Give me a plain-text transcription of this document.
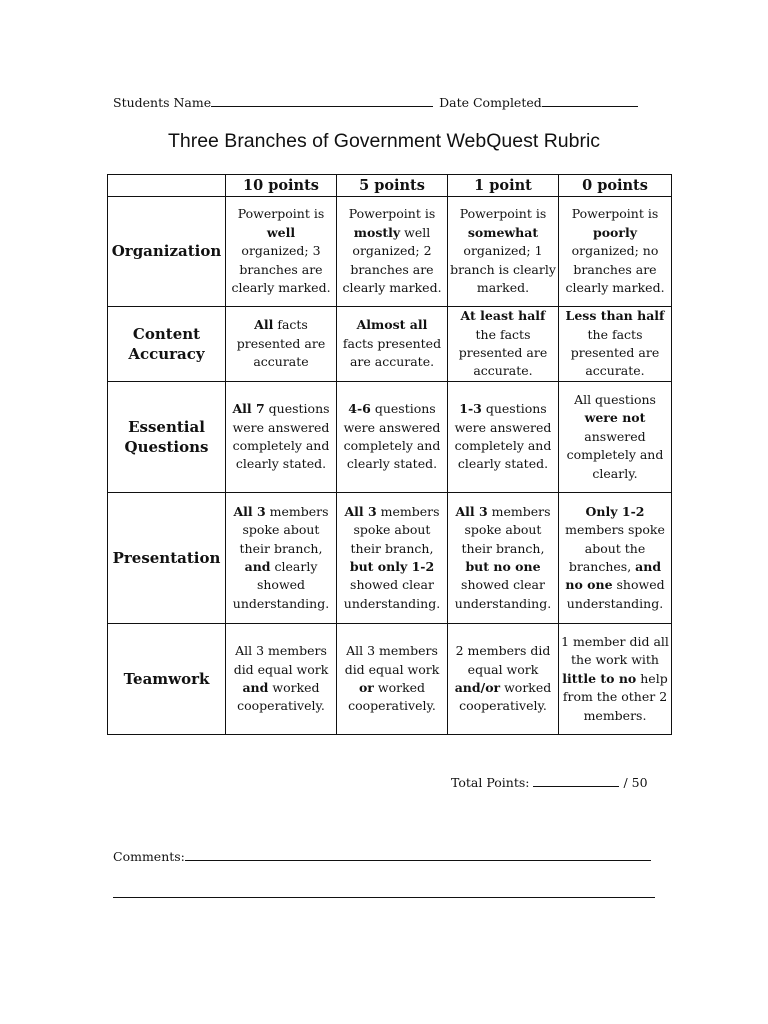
Students Name	Date Completed
Three Branches of Government WebQuest Rubric
	10 points	5 points	1 point	0 points
Organization	Powerpoint is
well
organized; 3 branches are clearly marked.	Powerpoint is
mostly well organized; 2 branches are clearly marked.	Powerpoint is
somewhat
organized; 1 branch is clearly marked.	Powerpoint is
poorly
organized; no branches are clearly marked.
Content Accuracy	All facts presented are accurate	Almost all
facts presented are accurate.	At least half
the facts presented are accurate.	Less than half
the facts presented are accurate.
Essential Questions	All 7 questions were answered completely and clearly stated.	4-6 questions were answered completely and clearly stated.	1-3 questions were answered completely and clearly stated.	All questions
were not
answered completely and clearly.
Presentation	All 3 members spoke about their branch, and clearly showed understanding.	All 3 members spoke about their branch, but only 1-2 showed clear understanding.	All 3 members spoke about their branch, but no one showed clear understanding.	Only 1-2
members spoke about the branches, and no one showed understanding.
Teamwork	All 3 members did equal work and worked cooperatively.	All 3 members did equal work or worked cooperatively.	2 members did equal work and/or worked cooperatively.	1 member did all the work with little to no help from the other 2 members.
Total Points:	/ 50
Comments:
